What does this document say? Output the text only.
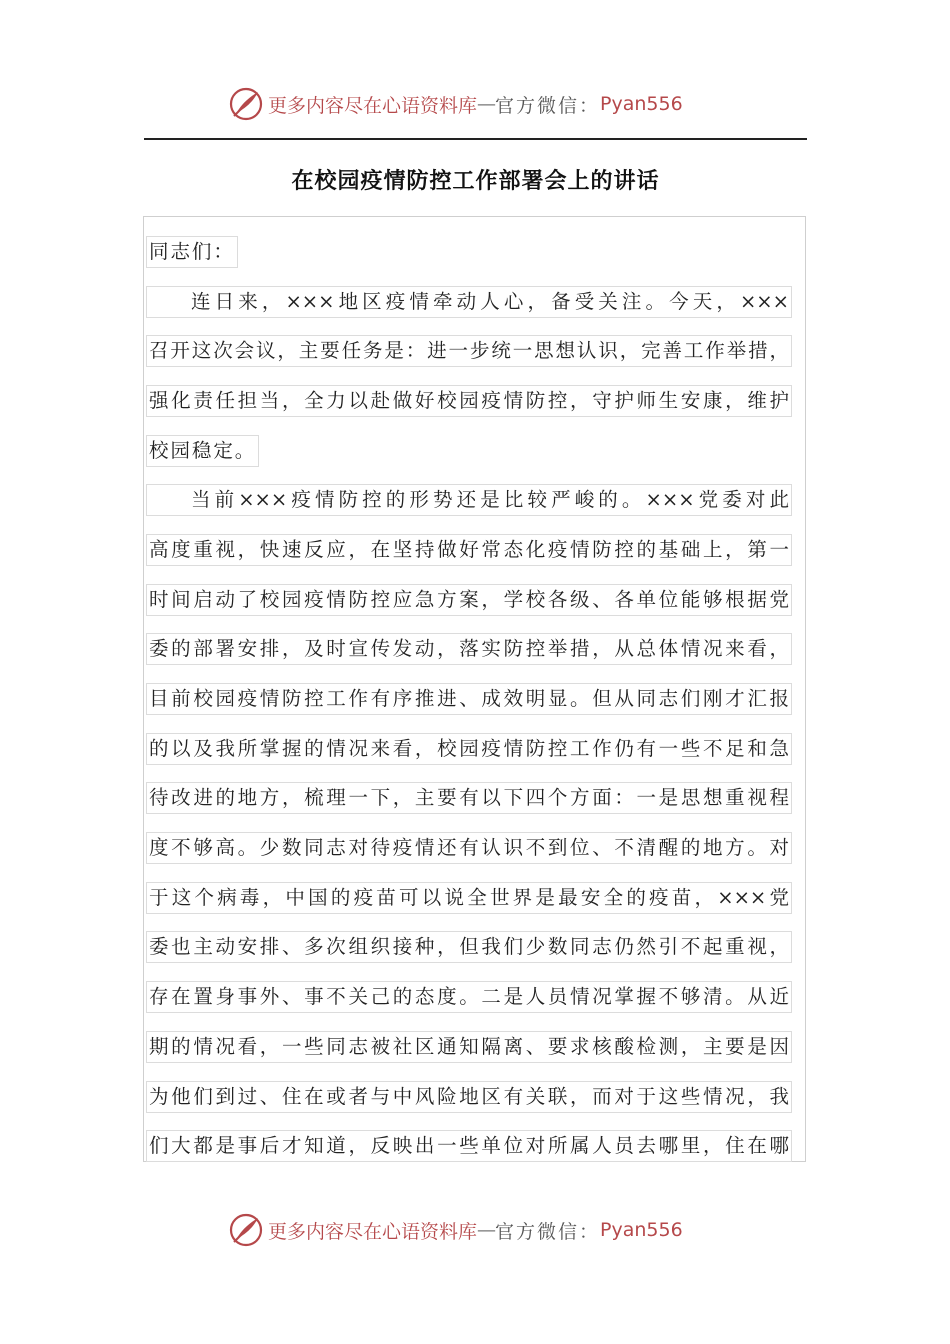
更多内容尽在心语资料库 — 官方微信： Pyan556
在校园疫情防控工作部署会上的讲话
同志们：
连日来，×××地区疫情牵动人心，备受关注。今天，×××
召开这次会议，主要任务是：进一步统一思想认识，完善工作举措，
强化责任担当，全力以赴做好校园疫情防控，守护师生安康，维护
校园稳定。
当前×××疫情防控的形势还是比较严峻的。×××党委对此
高度重视，快速反应，在坚持做好常态化疫情防控的基础上，第一
时间启动了校园疫情防控应急方案，学校各级、各单位能够根据党
委的部署安排，及时宣传发动，落实防控举措，从总体情况来看，
目前校园疫情防控工作有序推进、成效明显。但从同志们刚才汇报
的以及我所掌握的情况来看，校园疫情防控工作仍有一些不足和急
待改进的地方，梳理一下，主要有以下四个方面：一是思想重视程
度不够高。少数同志对待疫情还有认识不到位、不清醒的地方。对
于这个病毒，中国的疫苗可以说全世界是最安全的疫苗，×××党
委也主动安排、多次组织接种，但我们少数同志仍然引不起重视，
存在置身事外、事不关己的态度。二是人员情况掌握不够清。从近
期的情况看，一些同志被社区通知隔离、要求核酸检测，主要是因
为他们到过、住在或者与中风险地区有关联，而对于这些情况，我
们大都是事后才知道，反映出一些单位对所属人员去哪里，住在哪
更多内容尽在心语资料库 — 官方微信： Pyan556
